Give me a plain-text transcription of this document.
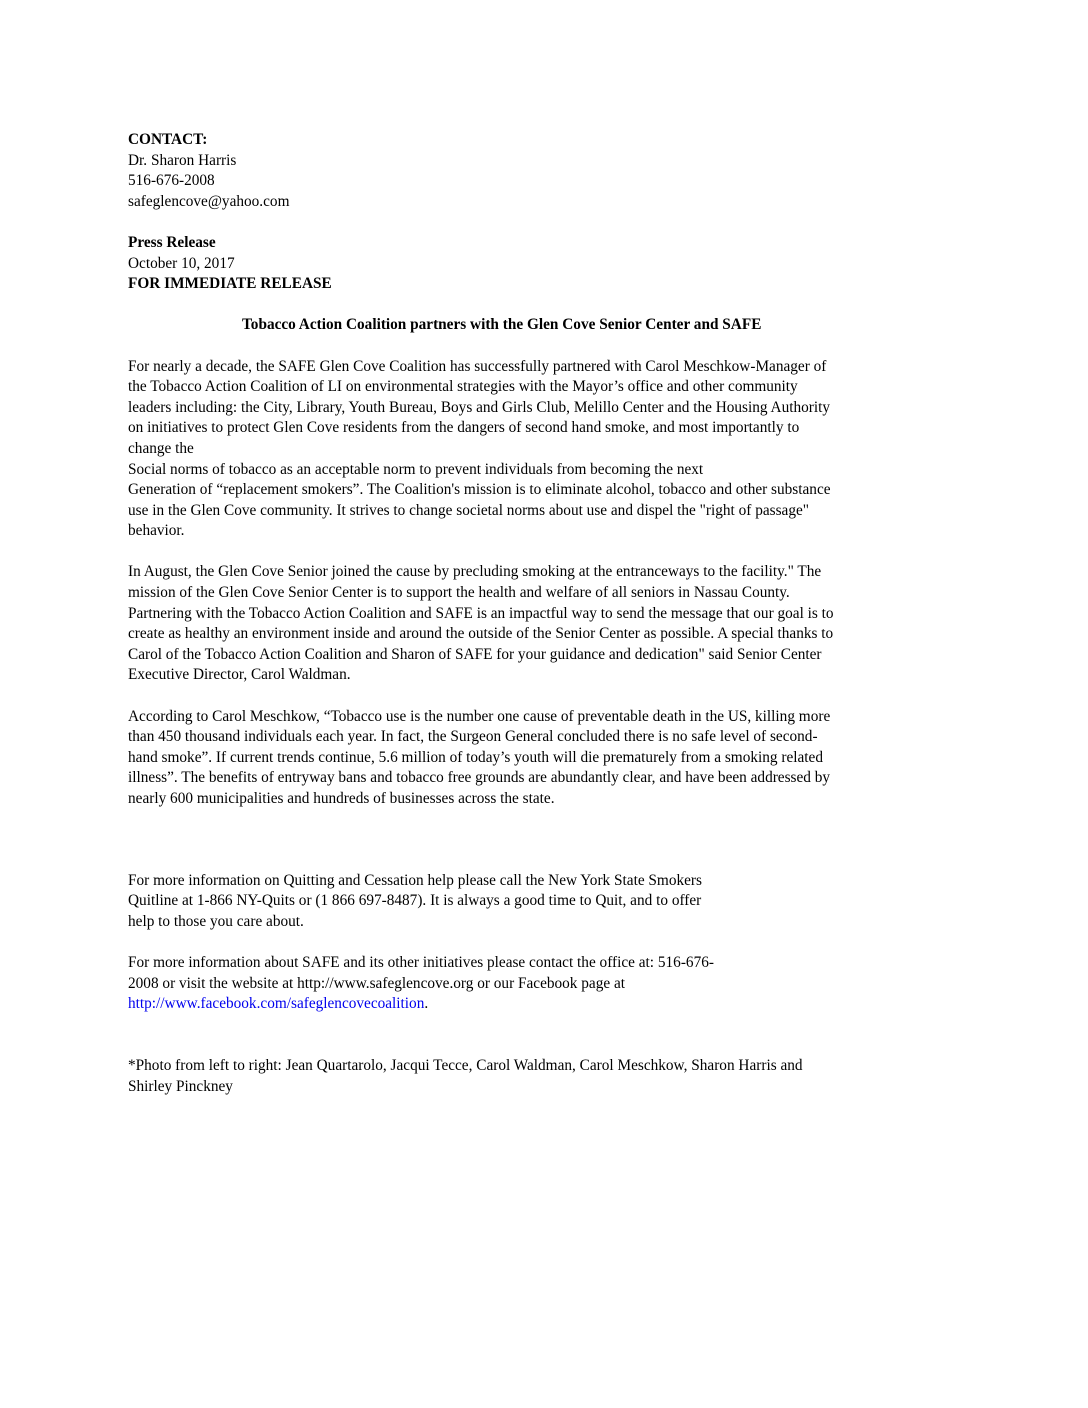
CONTACT:
Dr. Sharon Harris
516-676-2008
safeglencove@yahoo.com
Press Release
October 10, 2017
FOR IMMEDIATE RELEASE
Tobacco Action Coalition partners with the Glen Cove Senior Center and SAFE
For nearly a decade, the SAFE Glen Cove Coalition has successfully partnered with Carol Meschkow-Manager of
the Tobacco Action Coalition of LI on environmental strategies with the Mayor’s office and other community
leaders including: the City, Library, Youth Bureau, Boys and Girls Club, Melillo Center and the Housing Authority
on initiatives to protect Glen Cove residents from the dangers of second hand smoke, and most importantly to
change the
Social norms of tobacco as an acceptable norm to prevent individuals from becoming the next
Generation of “replacement smokers”. The Coalition's mission is to eliminate alcohol, tobacco and other substance
use in the Glen Cove community. It strives to change societal norms about use and dispel the "right of passage"
behavior.
In August, the Glen Cove Senior joined the cause by precluding smoking at the entranceways to the facility." The
mission of the Glen Cove Senior Center is to support the health and welfare of all seniors in Nassau County.
Partnering with the Tobacco Action Coalition and SAFE is an impactful way to send the message that our goal is to
create as healthy an environment inside and around the outside of the Senior Center as possible. A special thanks to
Carol of the Tobacco Action Coalition and Sharon of SAFE for your guidance and dedication" said Senior Center
Executive Director, Carol Waldman.
According to Carol Meschkow, “Tobacco use is the number one cause of preventable death in the US, killing more
than 450 thousand individuals each year. In fact, the Surgeon General concluded there is no safe level of second-
hand smoke”. If current trends continue, 5.6 million of today’s youth will die prematurely from a smoking related
illness”. The benefits of entryway bans and tobacco free grounds are abundantly clear, and have been addressed by
nearly 600 municipalities and hundreds of businesses across the state.
For more information on Quitting and Cessation help please call the New York State Smokers
Quitline at 1-866 NY-Quits or (1 866 697-8487). It is always a good time to Quit, and to offer
help to those you care about.
For more information about SAFE and its other initiatives please contact the office at: 516-676-
2008 or visit the website at http://www.safeglencove.org or our Facebook page at
http://www.facebook.com/safeglencovecoalition.
*Photo from left to right: Jean Quartarolo, Jacqui Tecce, Carol Waldman, Carol Meschkow, Sharon Harris and
Shirley Pinckney
